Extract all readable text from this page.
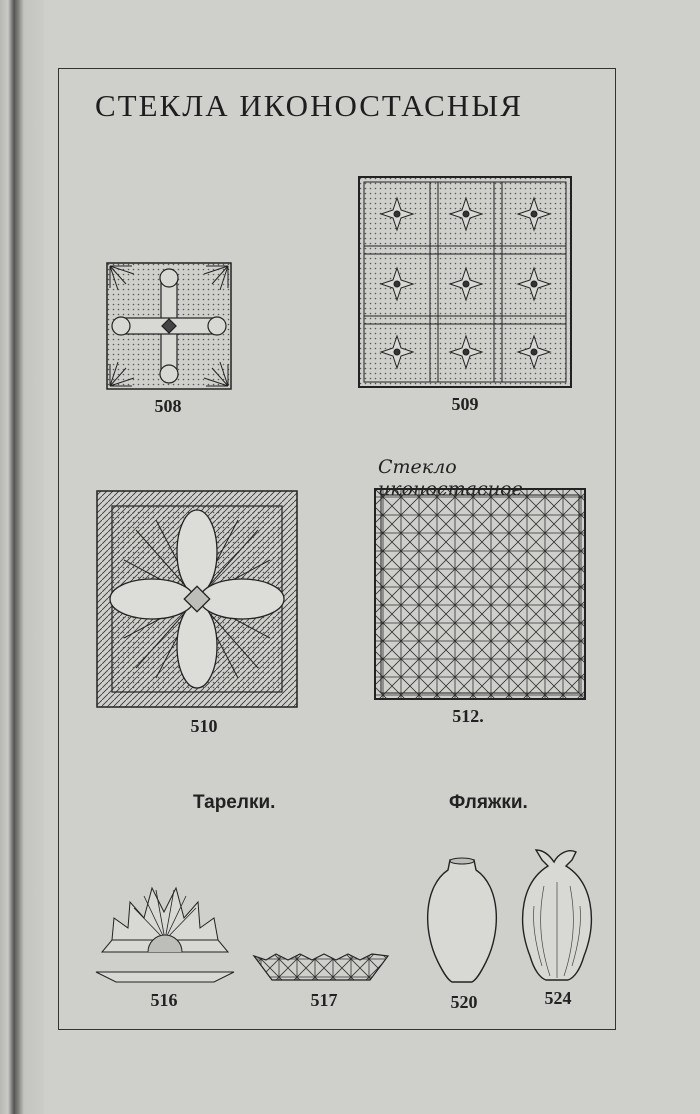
СТЕКЛА ИКОНОСТАСНЫЯ
508	509
Стекло
510	512.
Тарелки.	Фляжки.
516	517	520	524
